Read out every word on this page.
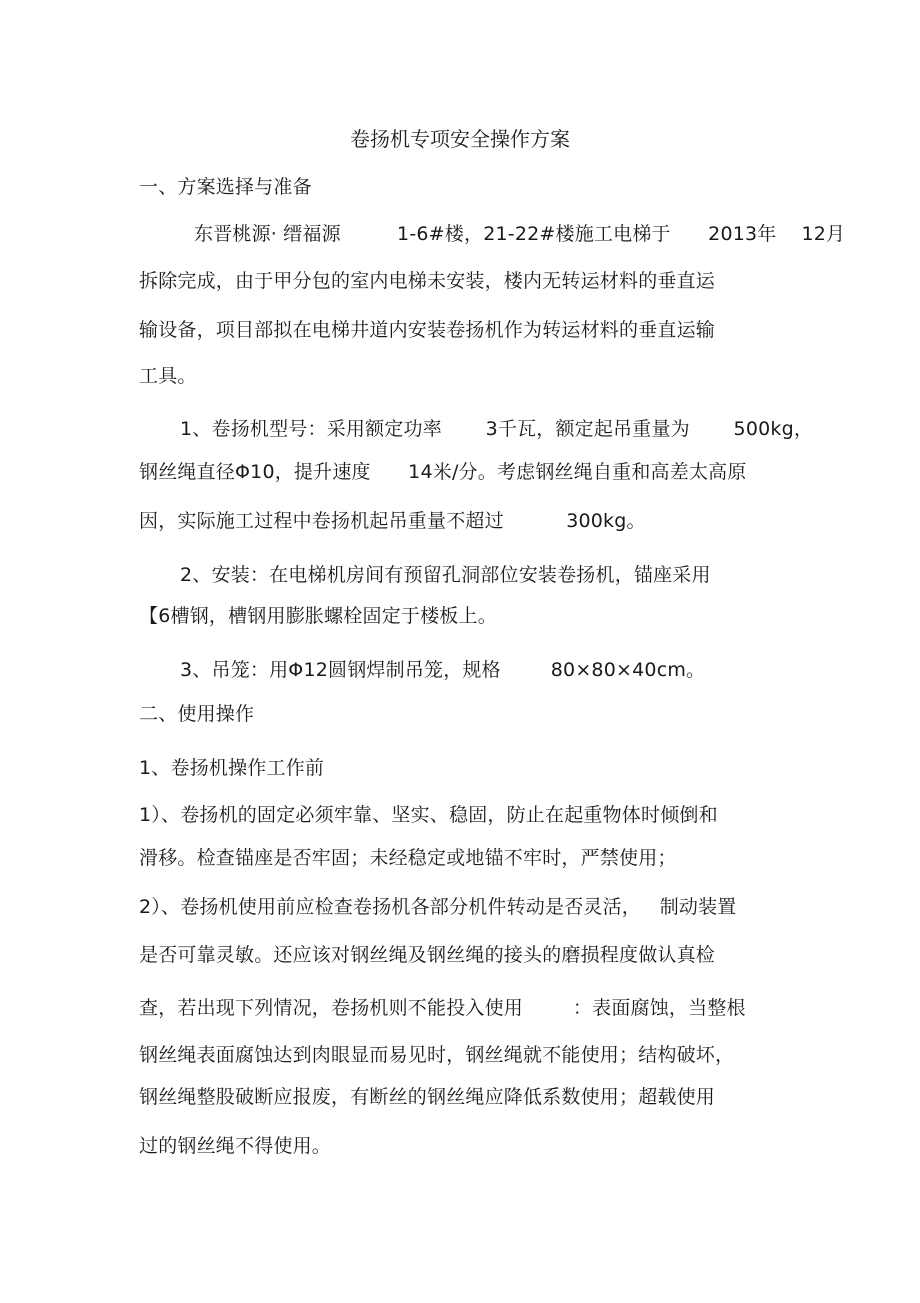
卷扬机专项安全操作方案
一、方案选择与准备
东晋桃源· 缙福源         1-6#楼，21-22#楼施工电梯于      2013年    12月
拆除完成，由于甲分包的室内电梯未安装，楼内无转运材料的垂直运
输设备，项目部拟在电梯井道内安装卷扬机作为转运材料的垂直运输
工具。
1、卷扬机型号：采用额定功率       3千瓦，额定起吊重量为       500kg，
钢丝绳直径Φ10，提升速度      14米/分。考虑钢丝绳自重和高差太高原
因，实际施工过程中卷扬机起吊重量不超过          300kg。
2、安装：在电梯机房间有预留孔洞部位安装卷扬机，锚座采用
【6槽钢，槽钢用膨胀螺栓固定于楼板上。
3、吊笼：用Φ12圆钢焊制吊笼，规格        80×80×40cm。
二、使用操作
1、卷扬机操作工作前
1）、卷扬机的固定必须牢靠、坚实、稳固，防止在起重物体时倾倒和
滑移。检查锚座是否牢固；未经稳定或地锚不牢时，严禁使用；
2）、卷扬机使用前应检查卷扬机各部分机件转动是否灵活，   制动装置
是否可靠灵敏。还应该对钢丝绳及钢丝绳的接头的磨损程度做认真检
查，若出现下列情况，卷扬机则不能投入使用        ：表面腐蚀，当整根
钢丝绳表面腐蚀达到肉眼显而易见时，钢丝绳就不能使用；结构破坏，
钢丝绳整股破断应报废，有断丝的钢丝绳应降低系数使用；超载使用
过的钢丝绳不得使用。
